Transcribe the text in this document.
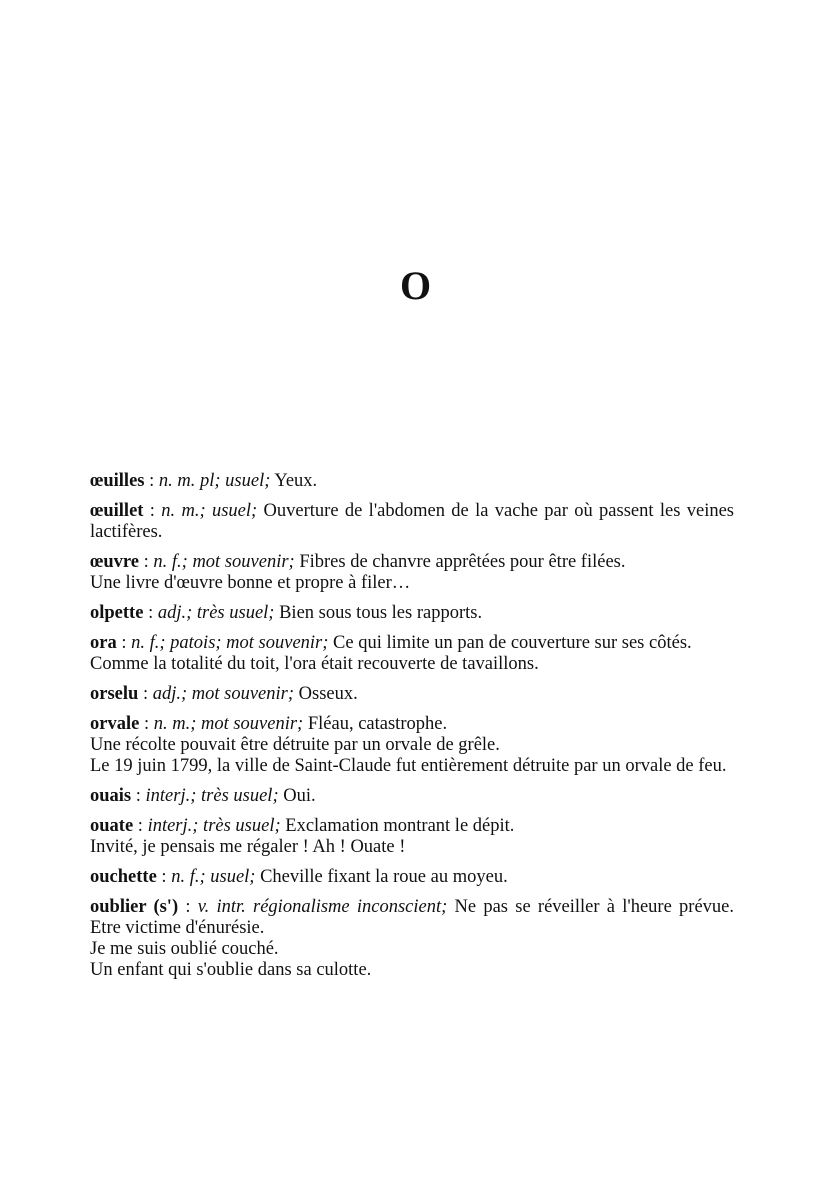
O

œuilles : n. m. pl; usuel; Yeux.

œuillet : n. m.; usuel; Ouverture de l'abdomen de la vache par où passent les veines lactifères.

œuvre : n. f.; mot souvenir; Fibres de chanvre apprêtées pour être filées.

Une livre d'œuvre bonne et propre à filer…

olpette : adj.; très usuel; Bien sous tous les rapports.

ora : n. f.; patois; mot souvenir; Ce qui limite un pan de couverture sur ses côtés.

Comme la totalité du toit, l'ora était recouverte de tavaillons.

orselu : adj.; mot souvenir; Osseux.

orvale : n. m.; mot souvenir; Fléau, catastrophe.

Une récolte pouvait être détruite par un orvale de grêle.

Le 19 juin 1799, la ville de Saint-Claude fut entièrement détruite par un orvale de feu.

ouais : interj.; très usuel; Oui.

ouate : interj.; très usuel; Exclamation montrant le dépit.

Invité, je pensais me régaler ! Ah ! Ouate !

ouchette : n. f.; usuel; Cheville fixant la roue au moyeu.

oublier (s') : v. intr. régionalisme inconscient; Ne pas se réveiller à l'heure prévue. Etre victime d'énurésie.

Je me suis oublié couché.

Un enfant qui s'oublie dans sa culotte.
